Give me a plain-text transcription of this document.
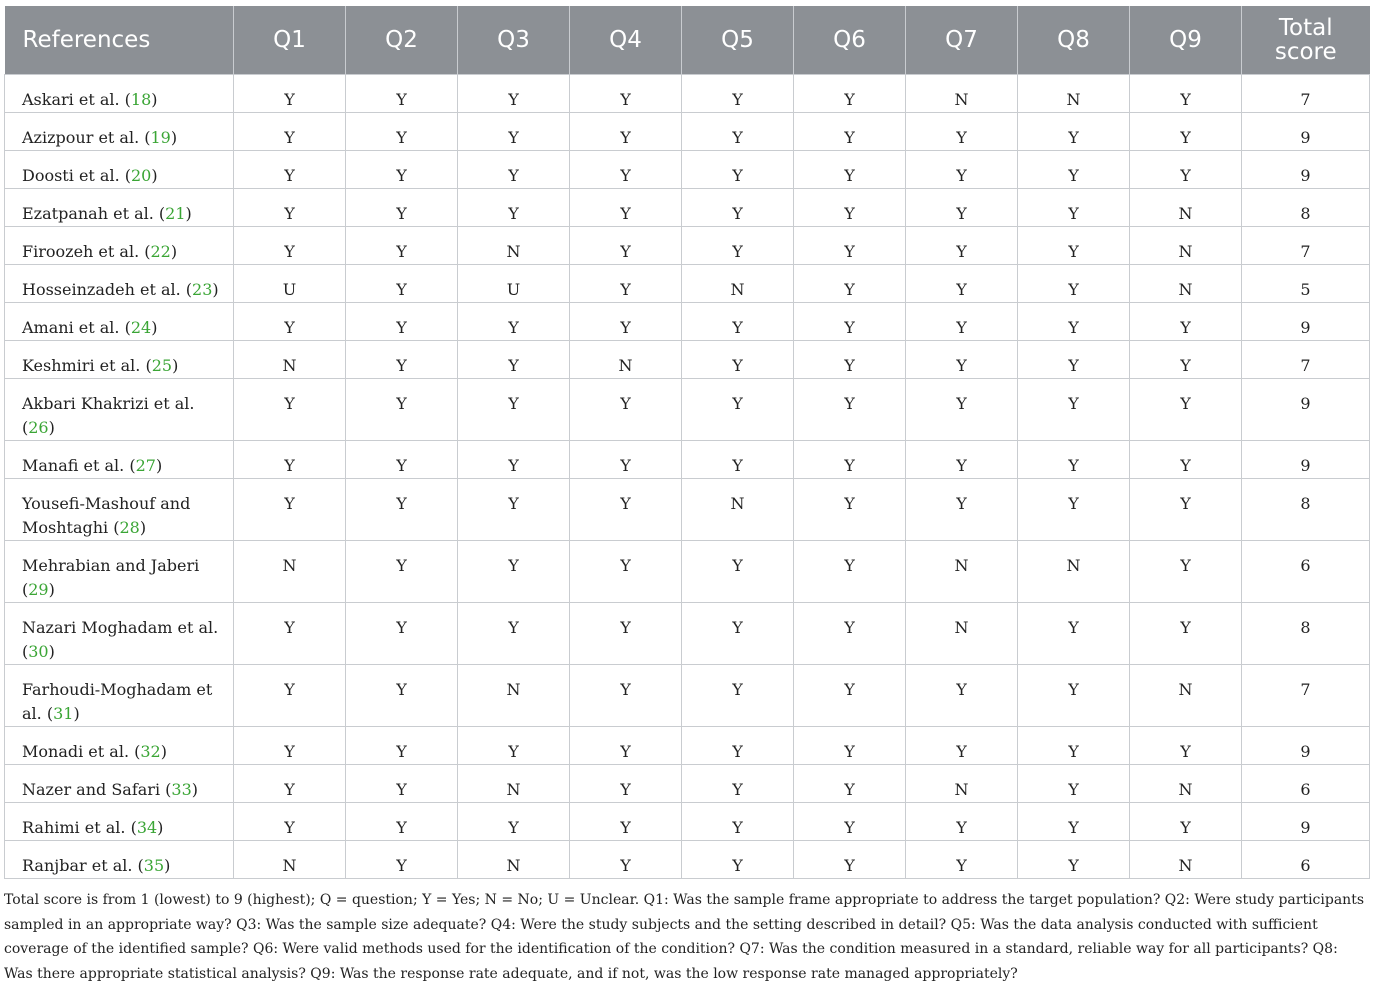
References	Q1	Q2	Q3	Q4	Q5	Q6	Q7	Q8	Q9	Total
score
Askari et al. (18)	Y	Y	Y	Y	Y	Y	N	N	Y	7
Azizpour et al. (19)	Y	Y	Y	Y	Y	Y	Y	Y	Y	9
Doosti et al. (20)	Y	Y	Y	Y	Y	Y	Y	Y	Y	9
Ezatpanah et al. (21)	Y	Y	Y	Y	Y	Y	Y	Y	N	8
Firoozeh et al. (22)	Y	Y	N	Y	Y	Y	Y	Y	N	7
Hosseinzadeh et al. (23)	U	Y	U	Y	N	Y	Y	Y	N	5
Amani et al. (24)	Y	Y	Y	Y	Y	Y	Y	Y	Y	9
Keshmiri et al. (25)	N	Y	Y	N	Y	Y	Y	Y	Y	7
Akbari Khakrizi et al. (26)	Y	Y	Y	Y	Y	Y	Y	Y	Y	9
Manafi et al. (27)	Y	Y	Y	Y	Y	Y	Y	Y	Y	9
Yousefi-Mashouf and Moshtaghi (28)	Y	Y	Y	Y	N	Y	Y	Y	Y	8
Mehrabian and Jaberi (29)	N	Y	Y	Y	Y	Y	N	N	Y	6
Nazari Moghadam et al. (30)	Y	Y	Y	Y	Y	Y	N	Y	Y	8
Farhoudi-Moghadam et al. (31)	Y	Y	N	Y	Y	Y	Y	Y	N	7
Monadi et al. (32)	Y	Y	Y	Y	Y	Y	Y	Y	Y	9
Nazer and Safari (33)	Y	Y	N	Y	Y	Y	N	Y	N	6
Rahimi et al. (34)	Y	Y	Y	Y	Y	Y	Y	Y	Y	9
Ranjbar et al. (35)	N	Y	N	Y	Y	Y	Y	Y	N	6

Total score is from 1 (lowest) to 9 (highest); Q = question; Y = Yes; N = No; U = Unclear. Q1: Was the sample frame appropriate to address the target population? Q2: Were study participants sampled in an appropriate way? Q3: Was the sample size adequate? Q4: Were the study subjects and the setting described in detail? Q5: Was the data analysis conducted with sufficient coverage of the identified sample? Q6: Were valid methods used for the identification of the condition? Q7: Was the condition measured in a standard, reliable way for all participants? Q8: Was there appropriate statistical analysis? Q9: Was the response rate adequate, and if not, was the low response rate managed appropriately?
